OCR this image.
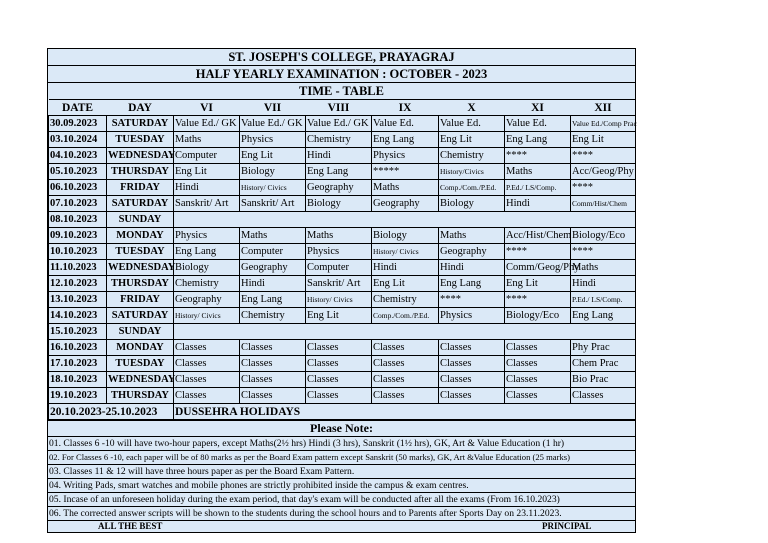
ST. JOSEPH'S COLLEGE, PRAYAGRAJ
HALF YEARLY EXAMINATION : OCTOBER - 2023
TIME - TABLE
DATE	DAY	VI	VII	VIII	IX	X	XI	XII
30.09.2023	SATURDAY	Value Ed./ GK	Value Ed./ GK	Value Ed./ GK	Value Ed.	Value Ed.	Value Ed.	Value Ed./Comp Prac
03.10.2024	TUESDAY	Maths	Physics	Chemistry	Eng Lang	Eng Lit	Eng Lang	Eng Lit
04.10.2023	WEDNESDAY	Computer	Eng Lit	Hindi	Physics	Chemistry	****	****
05.10.2023	THURSDAY	Eng Lit	Biology	Eng Lang	*****	History/Civics	Maths	Acc/Geog/Phy
06.10.2023	FRIDAY	Hindi	History/ Civics	Geography	Maths	Comp./Com./P.Ed.	P.Ed./ LS/Comp.	****
07.10.2023	SATURDAY	Sanskrit/ Art	Sanskrit/ Art	Biology	Geography	Biology	Hindi	Comm/Hist/Chem
08.10.2023	SUNDAY							
09.10.2023	MONDAY	Physics	Maths	Maths	Biology	Maths	Acc/Hist/Chem	Biology/Eco
10.10.2023	TUESDAY	Eng Lang	Computer	Physics	History/ Civics	Geography	****	****
11.10.2023	WEDNESDAY	Biology	Geography	Computer	Hindi	Hindi	Comm/Geog/Phy	Maths
12.10.2023	THURSDAY	Chemistry	Hindi	Sanskrit/ Art	Eng Lit	Eng Lang	Eng Lit	Hindi
13.10.2023	FRIDAY	Geography	Eng Lang	History/ Civics	Chemistry	****	****	P.Ed./ LS/Comp.
14.10.2023	SATURDAY	History/ Civics	Chemistry	Eng Lit	Comp./Com./P.Ed.	Physics	Biology/Eco	Eng Lang
15.10.2023	SUNDAY							
16.10.2023	MONDAY	Classes	Classes	Classes	Classes	Classes	Classes	Phy Prac
17.10.2023	TUESDAY	Classes	Classes	Classes	Classes	Classes	Classes	Chem Prac
18.10.2023	WEDNESDAY	Classes	Classes	Classes	Classes	Classes	Classes	Bio Prac
19.10.2023	THURSDAY	Classes	Classes	Classes	Classes	Classes	Classes	Classes
20.10.2023-25.10.2023		DUSSEHRA HOLIDAYS						
Please Note:
01. Classes 6 -10 will have two-hour papers, except Maths(2½ hrs) Hindi (3 hrs), Sanskrit (1½ hrs), GK, Art & Value Education (1 hr)
02. For Classes 6 -10, each paper will be of 80 marks as per the Board Exam pattern except Sanskrit (50 marks), GK, Art &Value Education (25 marks)
03. Classes 11 & 12 will have three hours paper as per the Board Exam Pattern.
04. Writing Pads, smart watches and mobile phones are strictly prohibited inside the campus & exam centres.
05. Incase of an unforeseen holiday during the exam period, that day's exam will be conducted after all the exams (From 16.10.2023)
06. The corrected answer scripts will be shown to the students during the school hours and to Parents after Sports Day on 23.11.2023.
ALL THE BEST	PRINCIPAL
